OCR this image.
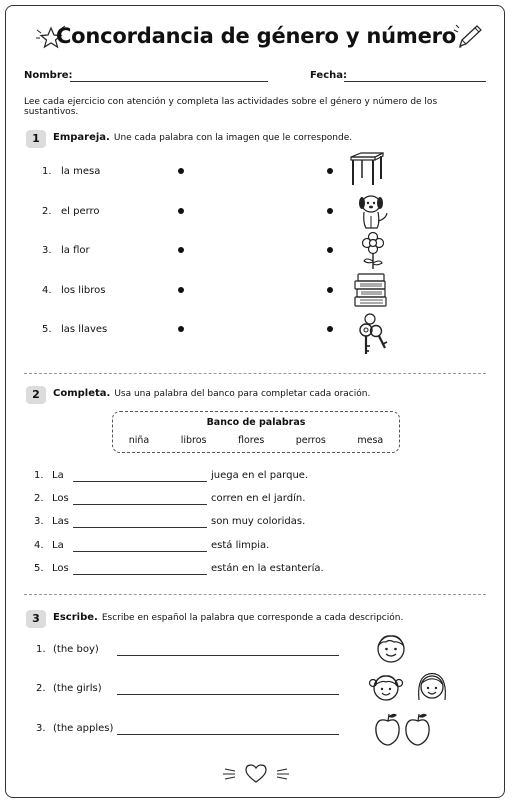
Concordancia de género y número
Nombre:	Fecha:
Lee cada ejercicio con atención y completa las actividades sobre el género y número de los sustantivos.
1	Empareja. Une cada palabra con la imagen que le corresponde.
1. la mesa
2. el perro
3. la flor
4. los libros
5. las llaves
2	Completa. Usa una palabra del banco para completar cada oración.
Banco de palabras
niña	libros	flores	perros	mesa
1. La	juega en el parque.
2. Los	corren en el jardín.
3. Las	son muy coloridas.
4. La	está limpia.
5. Los	están en la estantería.
3	Escribe. Escribe en español la palabra que corresponde a cada descripción.
1. (the boy)
2. (the girls)
3. (the apples)
